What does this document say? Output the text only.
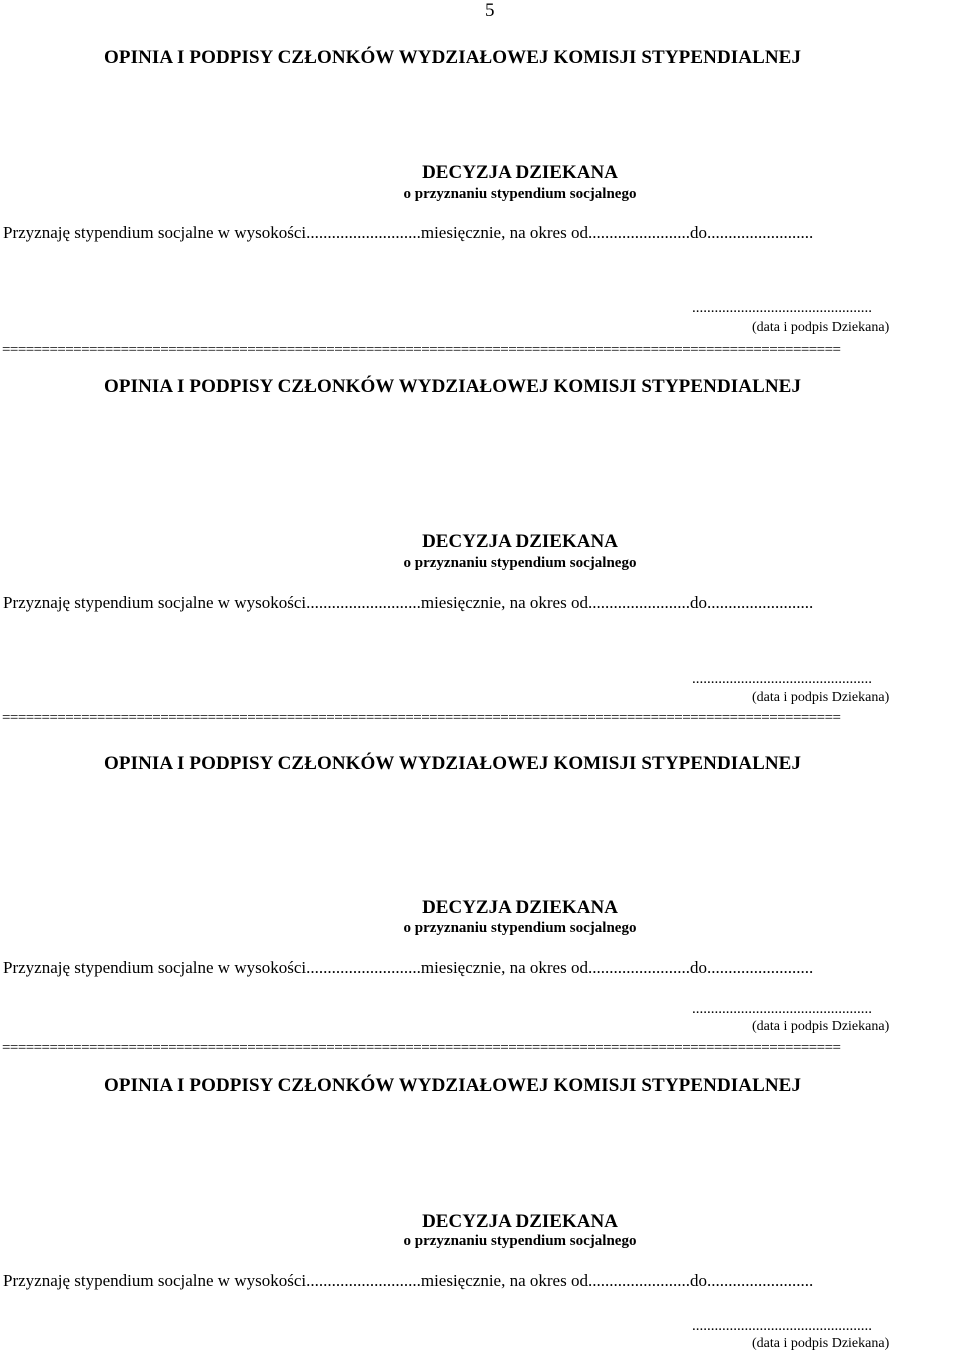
5
OPINIA I PODPISY CZŁONKÓW WYDZIAŁOWEJ KOMISJI STYPENDIALNEJ
DECYZJA DZIEKANA
o przyznaniu stypendium socjalnego
Przyznaję stypendium socjalne w wysokości...........................miesięcznie, na okres od........................do.........................
................................................
(data i podpis Dziekana)
==========================================================================================================
OPINIA I PODPISY CZŁONKÓW WYDZIAŁOWEJ KOMISJI STYPENDIALNEJ
DECYZJA DZIEKANA
o przyznaniu stypendium socjalnego
Przyznaję stypendium socjalne w wysokości...........................miesięcznie, na okres od........................do.........................
................................................
(data i podpis Dziekana)
==========================================================================================================
OPINIA I PODPISY CZŁONKÓW WYDZIAŁOWEJ KOMISJI STYPENDIALNEJ
DECYZJA DZIEKANA
o przyznaniu stypendium socjalnego
Przyznaję stypendium socjalne w wysokości...........................miesięcznie, na okres od........................do.........................
................................................
(data i podpis Dziekana)
==========================================================================================================
OPINIA I PODPISY CZŁONKÓW WYDZIAŁOWEJ KOMISJI STYPENDIALNEJ
DECYZJA DZIEKANA
o przyznaniu stypendium socjalnego
Przyznaję stypendium socjalne w wysokości...........................miesięcznie, na okres od........................do.........................
................................................
(data i podpis Dziekana)
